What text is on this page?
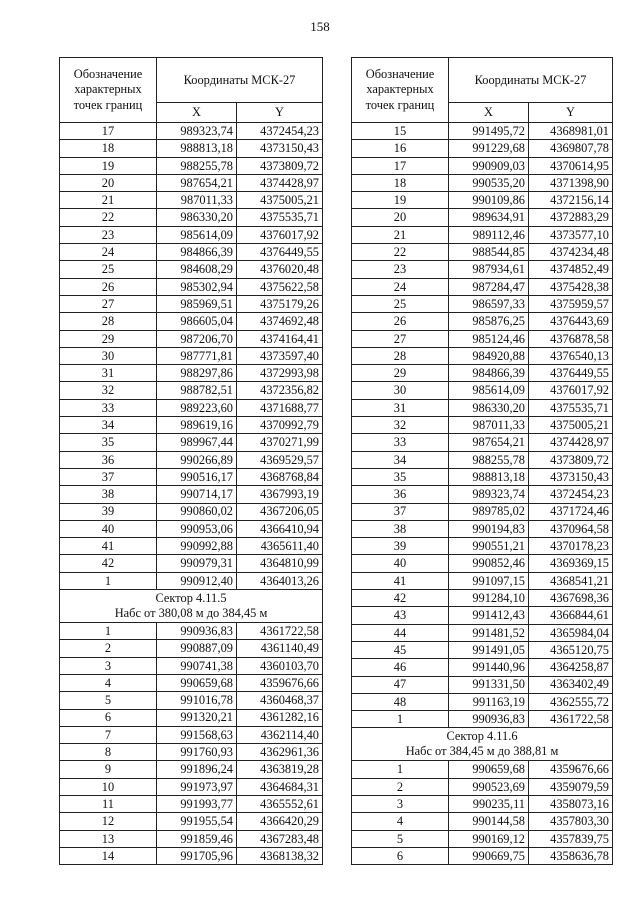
158
Обозначение характерных точек границ	Координаты МСК-27	
	X	Y
17	989323,74	4372454,23
18	988813,18	4373150,43
19	988255,78	4373809,72
20	987654,21	4374428,97
21	987011,33	4375005,21
22	986330,20	4375535,71
23	985614,09	4376017,92
24	984866,39	4376449,55
25	984608,29	4376020,48
26	985302,94	4375622,58
27	985969,51	4375179,26
28	986605,04	4374692,48
29	987206,70	4374164,41
30	987771,81	4373597,40
31	988297,86	4372993,98
32	988782,51	4372356,82
33	989223,60	4371688,77
34	989619,16	4370992,79
35	989967,44	4370271,99
36	990266,89	4369529,57
37	990516,17	4368768,84
38	990714,17	4367993,19
39	990860,02	4367206,05
40	990953,06	4366410,94
41	990992,88	4365611,40
42	990979,31	4364810,99
1	990912,40	4364013,26

Сектор 4.11.5
Набс от 380,08 м до 384,45 м		

1	990936,83	4361722,58
2	990887,09	4361140,49
3	990741,38	4360103,70
4	990659,68	4359676,66
5	991016,78	4360468,37
6	991320,21	4361282,16
7	991568,63	4362114,40
8	991760,93	4362961,36
9	991896,24	4363819,28
10	991973,97	4364684,31
11	991993,77	4365552,61
12	991955,54	4366420,29
13	991859,46	4367283,48
14	991705,96	4368138,32
Обозначение характерных точек границ	Координаты МСК-27	
	X	Y
15	991495,72	4368981,01
16	991229,68	4369807,78
17	990909,03	4370614,95
18	990535,20	4371398,90
19	990109,86	4372156,14
20	989634,91	4372883,29
21	989112,46	4373577,10
22	988544,85	4374234,48
23	987934,61	4374852,49
24	987284,47	4375428,38
25	986597,33	4375959,57
26	985876,25	4376443,69
27	985124,46	4376878,58
28	984920,88	4376540,13
29	984866,39	4376449,55
30	985614,09	4376017,92
31	986330,20	4375535,71
32	987011,33	4375005,21
33	987654,21	4374428,97
34	988255,78	4373809,72
35	988813,18	4373150,43
36	989323,74	4372454,23
37	989785,02	4371724,46
38	990194,83	4370964,58
39	990551,21	4370178,23
40	990852,46	4369369,15
41	991097,15	4368541,21
42	991284,10	4367698,36
43	991412,43	4366844,61
44	991481,52	4365984,04
45	991491,05	4365120,75
46	991440,96	4364258,87
47	991331,50	4363402,49
48	991163,19	4362555,72
1	990936,83	4361722,58

Сектор 4.11.6
Набс от 384,45 м до 388,81 м		

1	990659,68	4359676,66
2	990523,69	4359079,59
3	990235,11	4358073,16
4	990144,58	4357803,30
5	990169,12	4357839,75
6	990669,75	4358636,78
